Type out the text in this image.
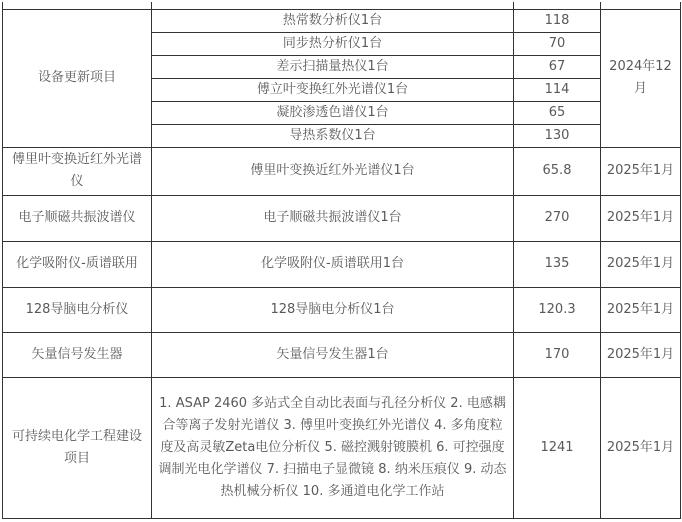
设备更新项目	热常数分析仪1台	118	2024年12月
	同步热分析仪1台	70	
	差示扫描量热仪1台	67	
	傅立叶变换红外光谱仪1台	114	
	凝胶渗透色谱仪1台	65	
	导热系数仪1台	130	
傅里叶变换近红外光谱仪	傅里叶变换近红外光谱仪1台	65.8	2025年1月
电子顺磁共振波谱仪	电子顺磁共振波谱仪1台	270	2025年1月
化学吸附仪-质谱联用	化学吸附仪-质谱联用1台	135	2025年1月
128导脑电分析仪	128导脑电分析仪1台	120.3	2025年1月
矢量信号发生器	矢量信号发生器1台	170	2025年1月
可持续电化学工程建设项目	1. ASAP 2460 多站式全自动比表面与孔径分析仪 2. 电感耦合等离子发射光谱仪 3. 傅里叶变换红外光谱仪 4. 多角度粒度及高灵敏Zeta电位分析仪 5. 磁控溅射镀膜机 6. 可控强度调制光电化学谱仪 7. 扫描电子显微镜 8. 纳米压痕仪 9. 动态热机械分析仪 10. 多通道电化学工作站	1241	2025年1月
